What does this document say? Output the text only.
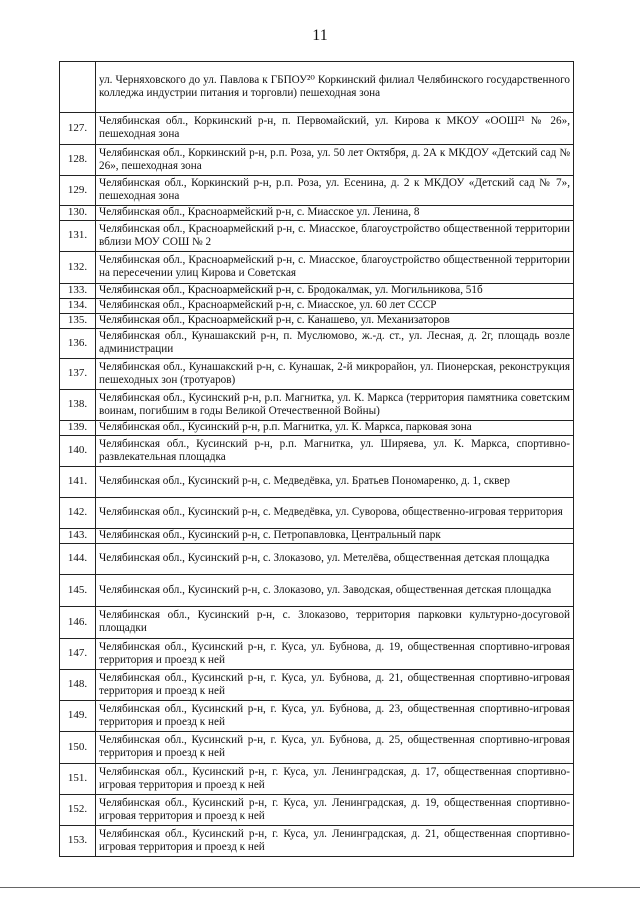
11
	ул. Черняховского до ул. Павлова к ГБПОУ²⁰ Коркинский филиал Челябинского государственного колледжа индустрии питания и торговли) пешеходная зона
127.	Челябинская обл., Коркинский р-н, п. Первомайский, ул. Кирова к МКОУ «ООШ²¹ № 26», пешеходная зона
128.	Челябинская обл., Коркинский р-н, р.п. Роза, ул. 50 лет Октября, д. 2А к МКДОУ «Детский сад № 26», пешеходная зона
129.	Челябинская обл., Коркинский р-н, р.п. Роза, ул. Есенина, д. 2 к МКДОУ «Детский сад № 7», пешеходная зона
130.	Челябинская обл., Красноармейский р-н, с. Миасское ул. Ленина, 8
131.	Челябинская обл., Красноармейский р-н, с. Миасское, благоустройство общественной территории вблизи МОУ СОШ № 2
132.	Челябинская обл., Красноармейский р-н, с. Миасское, благоустройство общественной территории на пересечении улиц Кирова и Советская
133.	Челябинская обл., Красноармейский р-н, с. Бродокалмак, ул. Могильникова, 51б
134.	Челябинская обл., Красноармейский р-н, с. Миасское, ул. 60 лет СССР
135.	Челябинская обл., Красноармейский р-н, с. Канашево, ул. Механизаторов
136.	Челябинская обл., Кунашакский р-н, п. Муслюмово, ж.-д. ст., ул. Лесная, д. 2г, площадь возле администрации
137.	Челябинская обл., Кунашакский р-н, с. Кунашак, 2-й микрорайон, ул. Пионерская, реконструкция пешеходных зон (тротуаров)
138.	Челябинская обл., Кусинский р-н, р.п. Магнитка, ул. К. Маркса (территория памятника советским воинам, погибшим в годы Великой Отечественной Войны)
139.	Челябинская обл., Кусинский р-н, р.п. Магнитка, ул. К. Маркса, парковая зона
140.	Челябинская обл., Кусинский р-н, р.п. Магнитка, ул. Ширяева, ул. К. Маркса, спортивно-развлекательная площадка
141.	Челябинская обл., Кусинский р-н, с. Медведёвка, ул. Братьев Пономаренко, д. 1, сквер
142.	Челябинская обл., Кусинский р-н, с. Медведёвка, ул. Суворова, общественно-игровая территория
143.	Челябинская обл., Кусинский р-н, с. Петропавловка, Центральный парк
144.	Челябинская обл., Кусинский р-н, с. Злоказово, ул. Метелёва, общественная детская площадка
145.	Челябинская обл., Кусинский р-н, с. Злоказово, ул. Заводская, общественная детская площадка
146.	Челябинская обл., Кусинский р-н, с. Злоказово, территория парковки культурно-досуговой площадки
147.	Челябинская обл., Кусинский р-н, г. Куса, ул. Бубнова, д. 19, общественная спортивно-игровая территория и проезд к ней
148.	Челябинская обл., Кусинский р-н, г. Куса, ул. Бубнова, д. 21, общественная спортивно-игровая территория и проезд к ней
149.	Челябинская обл., Кусинский р-н, г. Куса, ул. Бубнова, д. 23, общественная спортивно-игровая территория и проезд к ней
150.	Челябинская обл., Кусинский р-н, г. Куса, ул. Бубнова, д. 25, общественная спортивно-игровая территория и проезд к ней
151.	Челябинская обл., Кусинский р-н, г. Куса, ул. Ленинградская, д. 17, общественная спортивно-игровая территория и проезд к ней
152.	Челябинская обл., Кусинский р-н, г. Куса, ул. Ленинградская, д. 19, общественная спортивно-игровая территория и проезд к ней
153.	Челябинская обл., Кусинский р-н, г. Куса, ул. Ленинградская, д. 21, общественная спортивно-игровая территория и проезд к ней
